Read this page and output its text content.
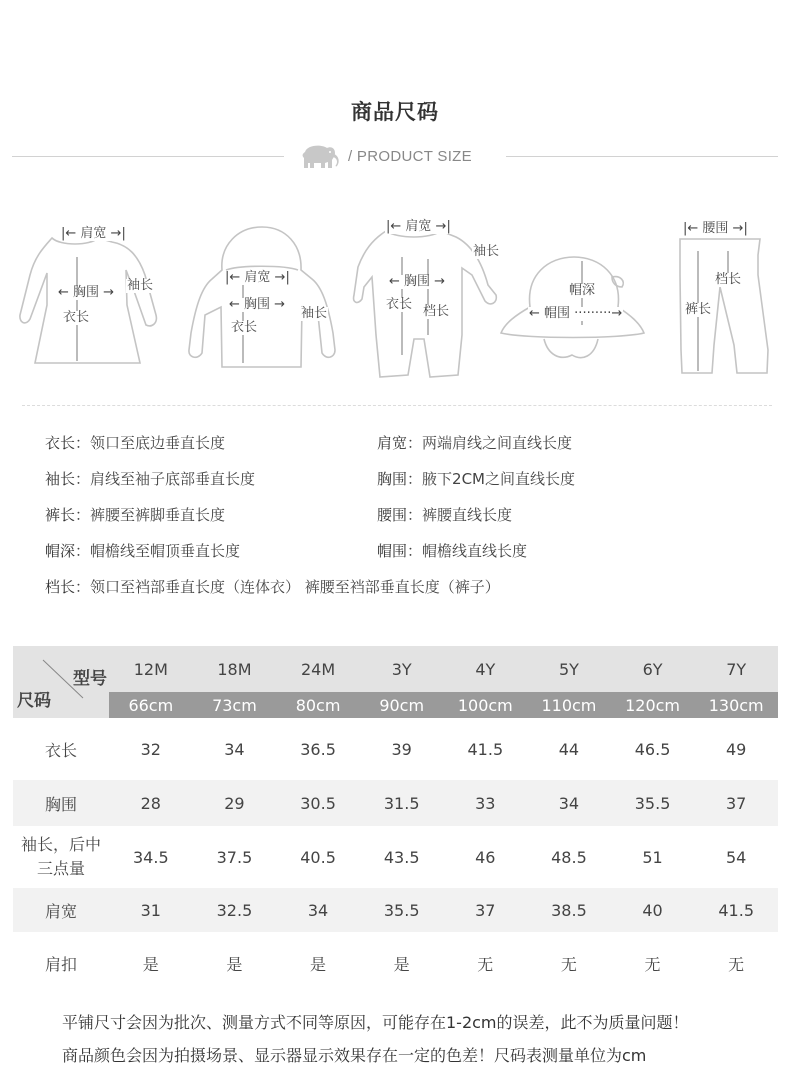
商品尺码
/ PRODUCT SIZE
|← 肩宽 →|
← 胸围 →
衣长
袖长
|← 肩宽 →|
← 胸围 →
衣长
袖长
|← 肩宽 →|
← 胸围 →
衣长 档长
袖长
帽深
← 帽围 ·········→
|← 腰围 →|
档长
裤长
衣长：领口至底边垂直长度	肩宽：两端肩线之间直线长度
袖长：肩线至袖子底部垂直长度	胸围：腋下2CM之间直线长度
裤长：裤腰至裤脚垂直长度	腰围：裤腰直线长度
帽深：帽檐线至帽顶垂直长度	帽围：帽檐线直线长度
档长：领口至裆部垂直长度（连体衣） 裤腰至裆部垂直长度（裤子）
型号
尺码	12M	18M	24M	3Y	4Y	5Y	6Y	7Y
	66cm	73cm	80cm	90cm	100cm	110cm	120cm	130cm
衣长	32	34	36.5	39	41.5	44	46.5	49
胸围	28	29	30.5	31.5	33	34	35.5	37
袖长，后中
三点量	34.5	37.5	40.5	43.5	46	48.5	51	54
肩宽	31	32.5	34	35.5	37	38.5	40	41.5
肩扣	是	是	是	是	无	无	无	无
平铺尺寸会因为批次、测量方式不同等原因，可能存在1-2cm的误差，此不为质量问题！
商品颜色会因为拍摄场景、显示器显示效果存在一定的色差！尺码表测量单位为cm
